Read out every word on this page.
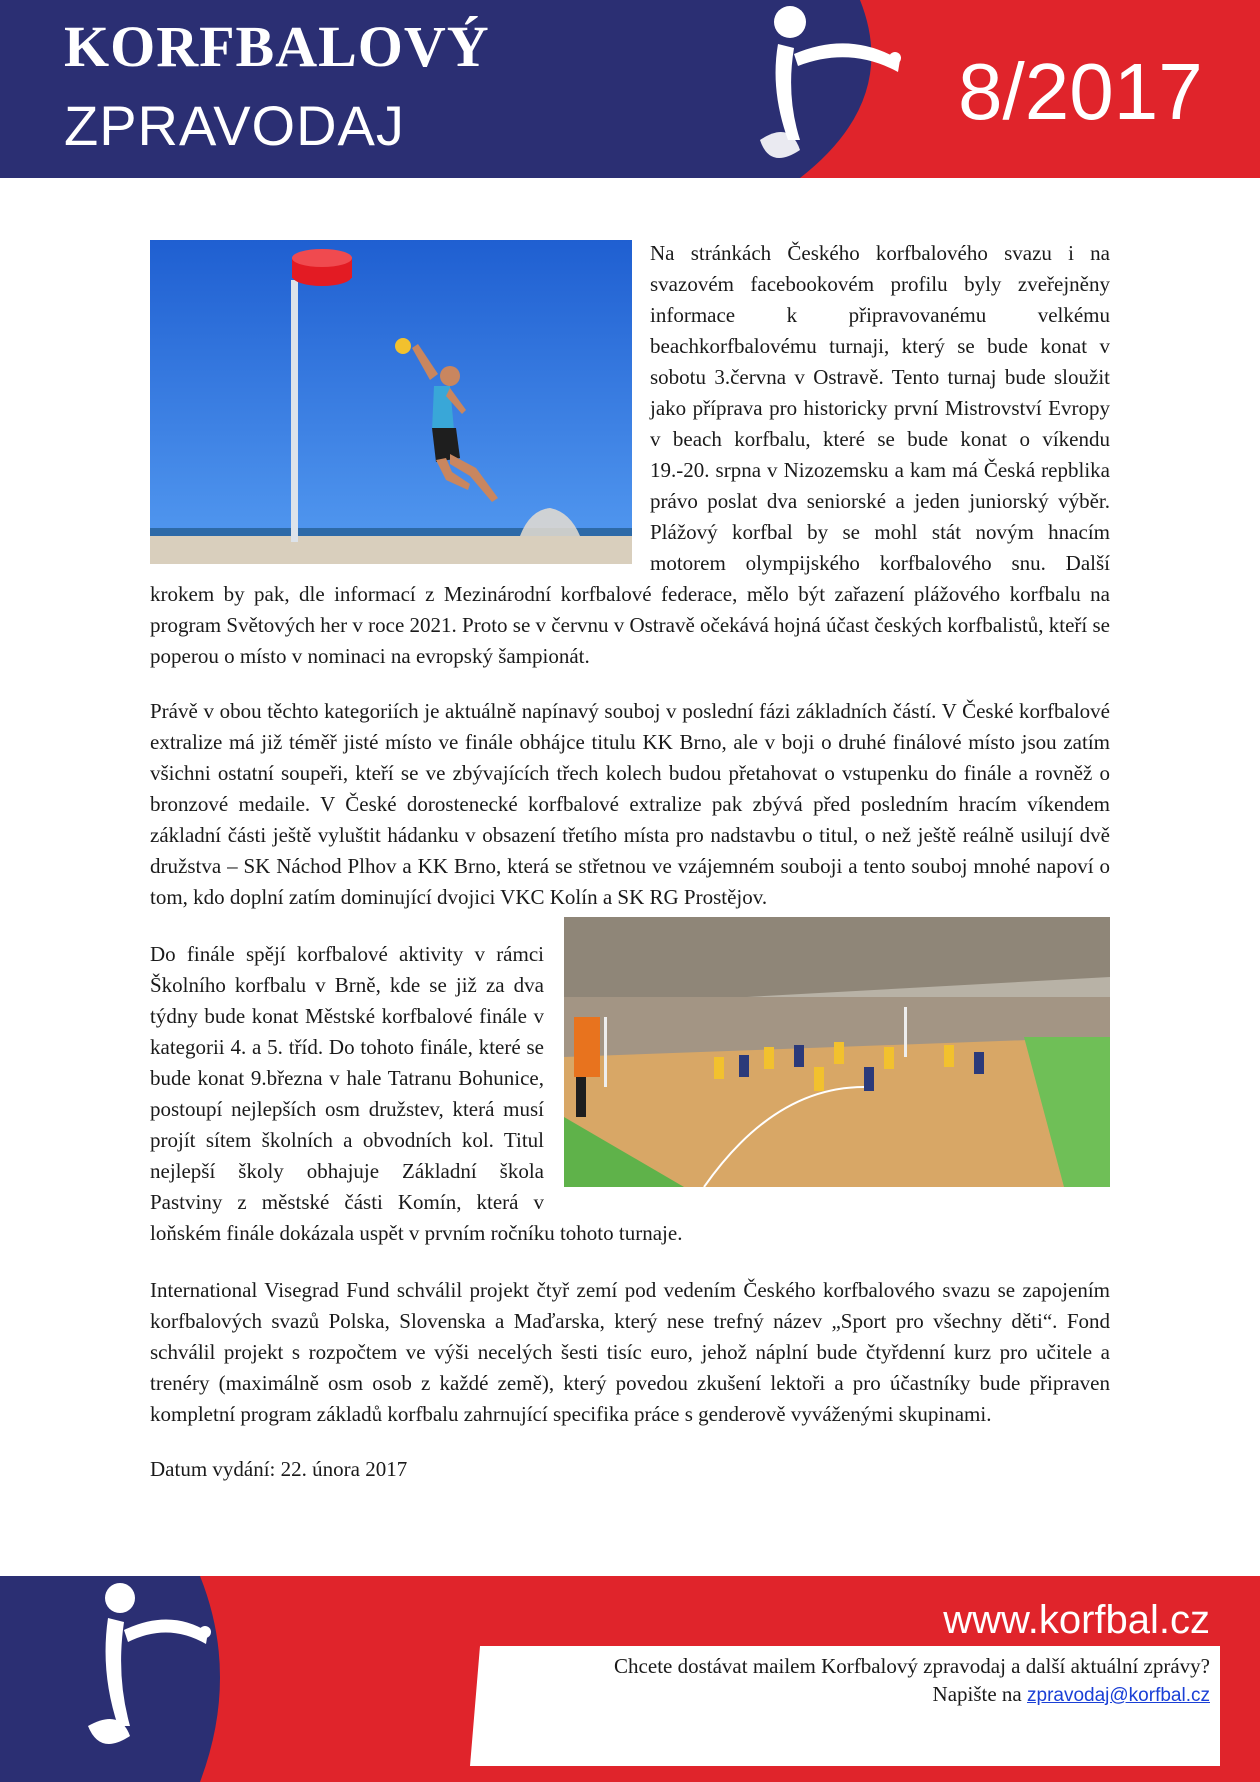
KORFBALOVÝ
ZPRAVODAJ	8/2017

Na stránkách Českého korfbalového svazu i na svazovém facebookovém profilu byly zveřejněny informace k připravovanému velkému beachkorfbalovému turnaji, který se bude konat v sobotu 3.června v Ostravě. Tento turnaj bude sloužit jako příprava pro historicky první Mistrovství Evropy v beach korfbalu, které se bude konat o víkendu 19.-20. srpna v Nizozemsku a kam má Česká repblika právo poslat dva seniorské a jeden juniorský výběr. Plážový korfbal by se mohl stát novým hnacím motorem olympijského korfbalového snu. Další krokem by pak, dle informací z Mezinárodní korfbalové federace, mělo být zařazení plážového korfbalu na program Světových her v roce 2021. Proto se v červnu v Ostravě očekává hojná účast českých korfbalistů, kteří se poperou o místo v nominaci na evropský šampionát.

Právě v obou těchto kategoriích je aktuálně napínavý souboj v poslední fázi základních částí. V České korfbalové extralize má již téměř jisté místo ve finále obhájce titulu KK Brno, ale v boji o druhé finálové místo jsou zatím všichni ostatní soupeři, kteří se ve zbývajících třech kolech budou přetahovat o vstupenku do finále a rovněž o bronzové medaile. V České dorostenecké korfbalové extralize pak zbývá před posledním hracím víkendem základní části ještě vyluštit hádanku v obsazení třetího místa pro nadstavbu o titul, o než ještě reálně usilují dvě družstva – SK Náchod Plhov a KK Brno, která se střetnou ve vzájemném souboji a tento souboj mnohé napoví o tom, kdo doplní zatím dominující dvojici VKC Kolín a SK RG Prostějov.

Do finále spějí korfbalové aktivity v rámci Školního korfbalu v Brně, kde se již za dva týdny bude konat Městské korfbalové finále v kategorii 4. a 5. tříd. Do tohoto finále, které se bude konat 9.března v hale Tatranu Bohunice, postoupí nejlepších osm družstev, která musí projít sítem školních a obvodních kol. Titul nejlepší školy obhajuje Základní škola Pastviny z městské části Komín, která v loňském finále dokázala uspět v prvním ročníku tohoto turnaje.

International Visegrad Fund schválil projekt čtyř zemí pod vedením Českého korfbalového svazu se zapojením korfbalových svazů Polska, Slovenska a Maďarska, který nese trefný název „Sport pro všechny děti“. Fond schválil projekt s rozpočtem ve výši necelých šesti tisíc euro, jehož náplní bude čtyřdenní kurz pro učitele a trenéry (maximálně osm osob z každé země), který povedou zkušení lektoři a pro účastníky bude připraven kompletní program základů korfbalu zahrnující specifika práce s genderově vyváženými skupinami.

Datum vydání: 22. února 2017
www.korfbal.cz
Chcete dostávat mailem Korfbalový zpravodaj a další aktuální zprávy?
Napište na zpravodaj@korfbal.cz
